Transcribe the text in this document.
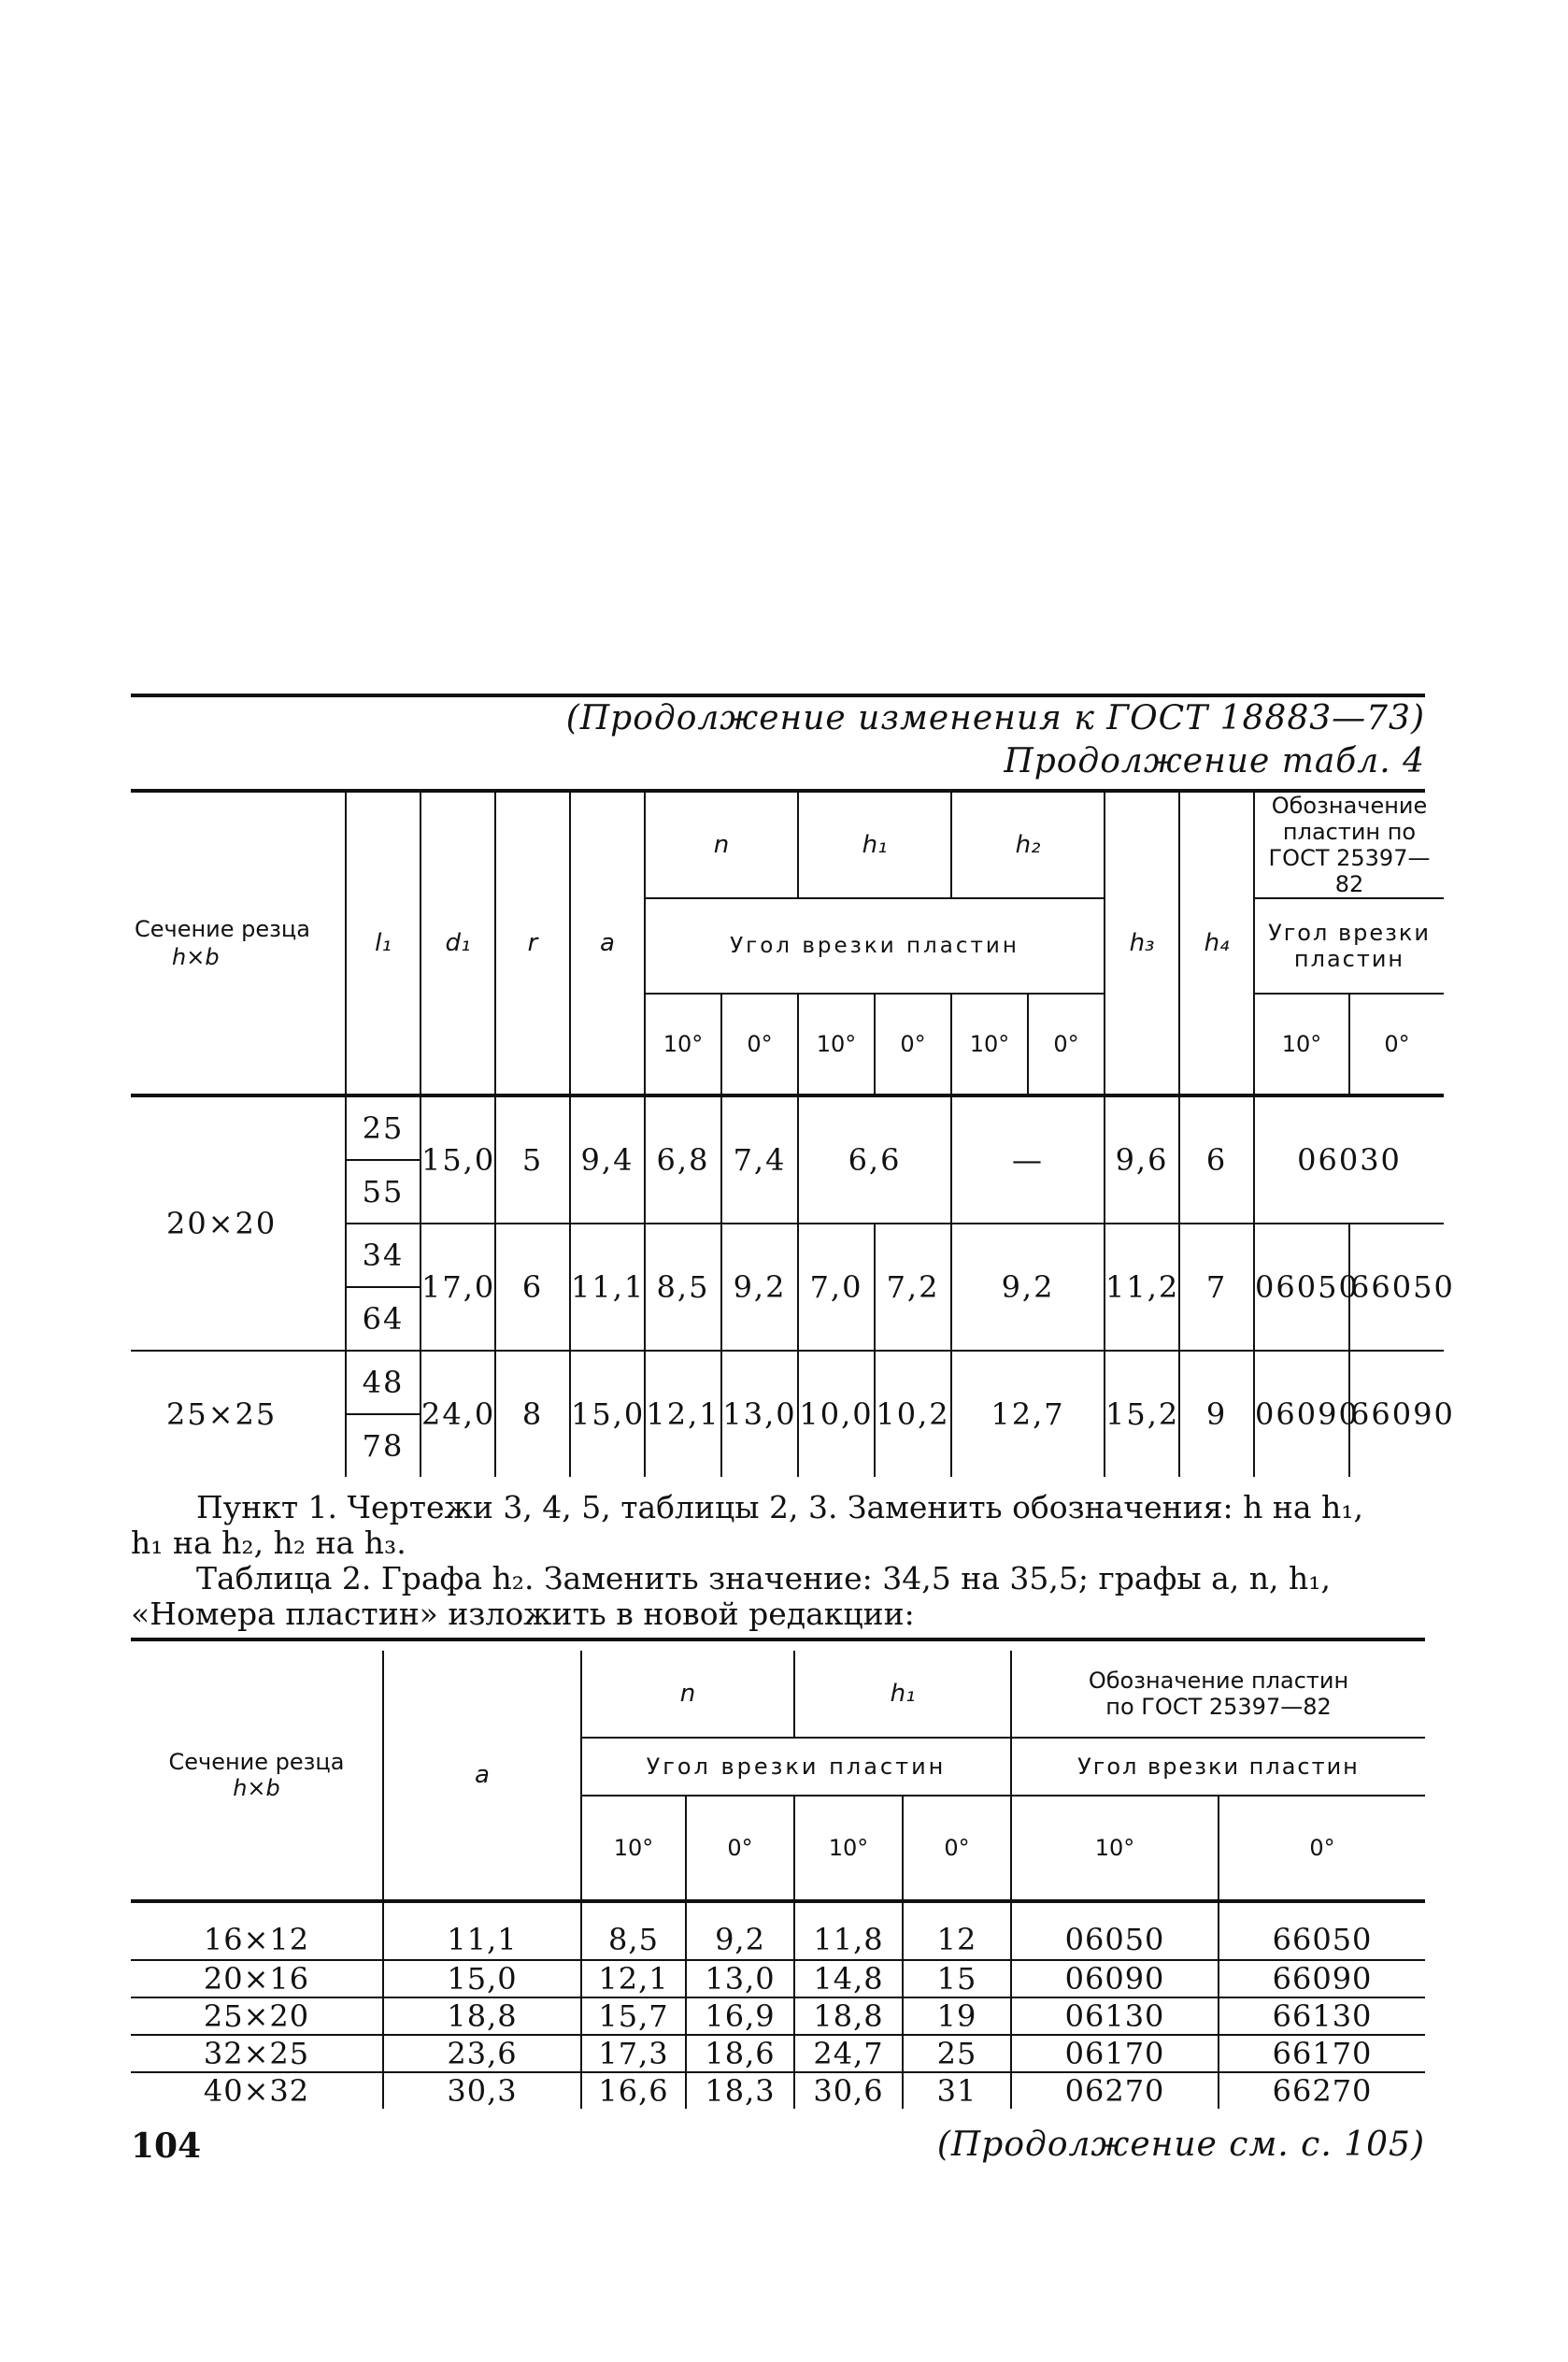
(Продолжение изменения к ГОСТ 18883—73)
Продолжение табл. 4
Сечение резца
h×b	l₁	d₁	r	a	n		h₁		h₂		h₃	h₄	Обозначение пластин по ГОСТ 25397—82	
					Угол врезки пластин								Угол врезки пластин	
					10°	0°	10°	0°	10°	0°			10°	0°
20×20	25	15,0	5	9,4	6,8	7,4	6,6		—		9,6	6	06030	
	55													
	34	17,0	6	11,1	8,5	9,2	7,0	7,2	9,2		11,2	7	06050	66050
	64													
25×25	48	24,0	8	15,0	12,1	13,0	10,0	10,2	12,7		15,2	9	06090	66090
	78													

Пункт 1. Чертежи 3, 4, 5, таблицы 2, 3. Заменить обозначения: h на h₁,

h₁ на h₂, h₂ на h₃.

Таблица 2. Графа h₂. Заменить значение: 34,5 на 35,5; графы a, n, h₁,

«Номера пластин» изложить в новой редакции:

Сечение резца
h×b	a	n		h₁		Обозначение пластин по ГОСТ 25397—82	
		Угол врезки пластин				Угол врезки пластин	
		10°	0°	10°	0°	10°	0°
16×12	11,1	8,5	9,2	11,8	12	06050	66050
20×16	15,0	12,1	13,0	14,8	15	06090	66090
25×20	18,8	15,7	16,9	18,8	19	06130	66130
32×25	23,6	17,3	18,6	24,7	25	06170	66170
40×32	30,3	16,6	18,3	30,6	31	06270	66270
(Продолжение см. с. 105)
104
